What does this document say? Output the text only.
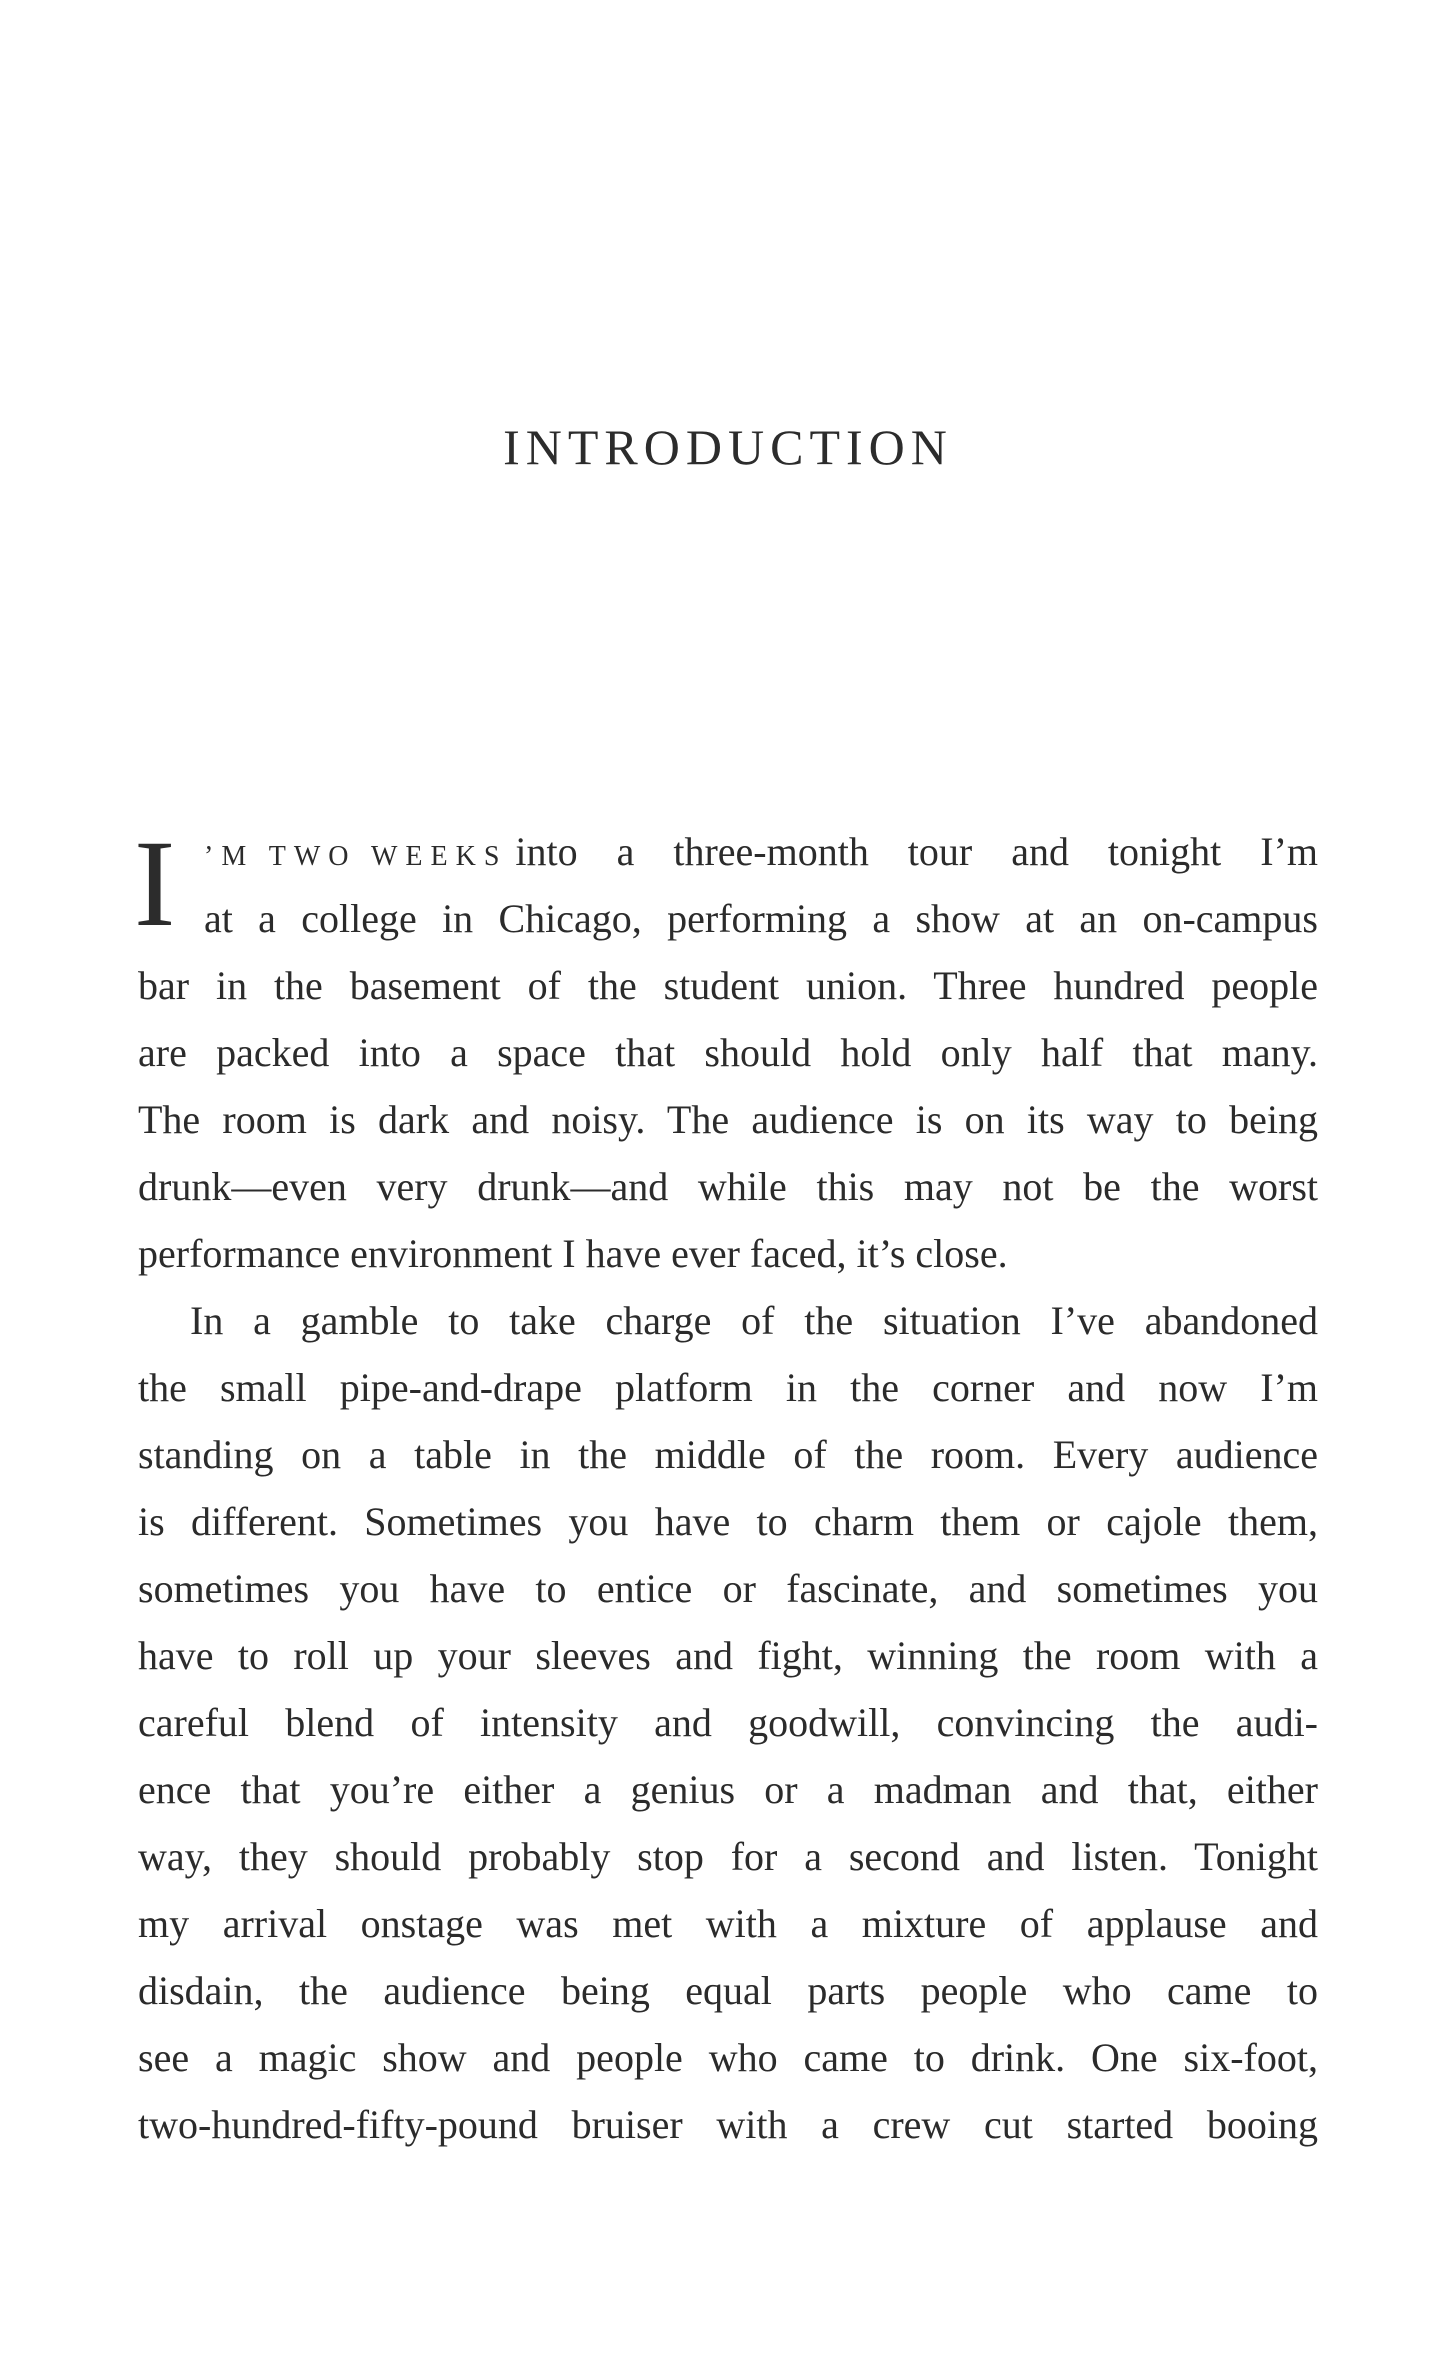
INTRODUCTION
I ’M TWO WEEKS into a three-month tour and tonight I’m
at a college in Chicago, performing a show at an on-campus
bar in the basement of the student union. Three hundred people
are packed into a space that should hold only half that many.
The room is dark and noisy. The audience is on its way to being
drunk—even very drunk—and while this may not be the worst
performance environment I have ever faced, it’s close.
In a gamble to take charge of the situation I’ve abandoned
the small pipe-and-drape platform in the corner and now I’m
standing on a table in the middle of the room. Every audience
is different. Sometimes you have to charm them or cajole them,
sometimes you have to entice or fascinate, and sometimes you
have to roll up your sleeves and fight, winning the room with a
careful blend of intensity and goodwill, convincing the audi-
ence that you’re either a genius or a madman and that, either
way, they should probably stop for a second and listen. Tonight
my arrival onstage was met with a mixture of applause and
disdain, the audience being equal parts people who came to
see a magic show and people who came to drink. One six-foot,
two-hundred-fifty-pound bruiser with a crew cut started booing
